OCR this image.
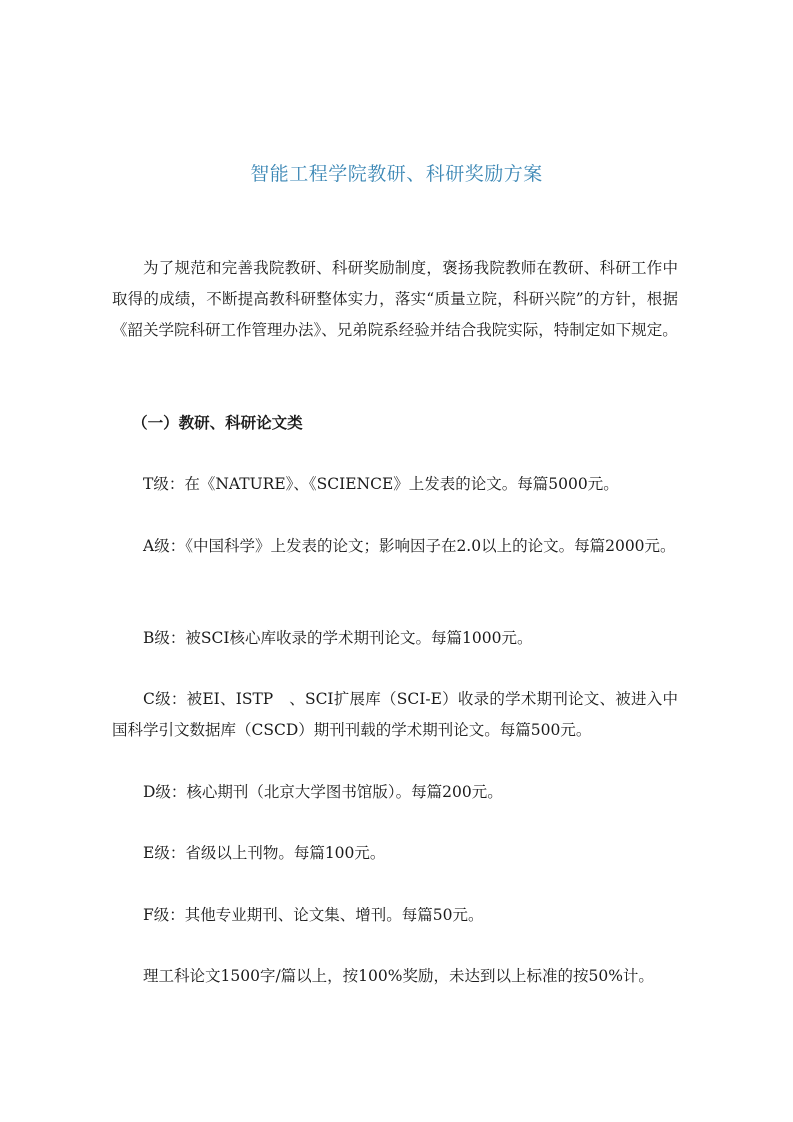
智能工程学院教研、科研奖励方案
为了规范和完善我院教研、科研奖励制度，褒扬我院教师在教研、科研工作中取得的成绩，不断提高教科研整体实力，落实“质量立院，科研兴院”的方针，根据《韶关学院科研工作管理办法》、兄弟院系经验并结合我院实际，特制定如下规定。
（一）教研、科研论文类
T级：在《NATURE》、《SCIENCE》上发表的论文。每篇5000元。
A级：《中国科学》上发表的论文；影响因子在2.0以上的论文。每篇2000元。
B级：被SCI核心库收录的学术期刊论文。每篇1000元。
C级：被EI、ISTP　、SCI扩展库（SCI-E）收录的学术期刊论文、被进入中国科学引文数据库（CSCD）期刊刊载的学术期刊论文。每篇500元。
D级：核心期刊（北京大学图书馆版）。每篇200元。
E级：省级以上刊物。每篇100元。
F级：其他专业期刊、论文集、增刊。每篇50元。
理工科论文1500字/篇以上，按100%奖励，未达到以上标准的按50%计。
